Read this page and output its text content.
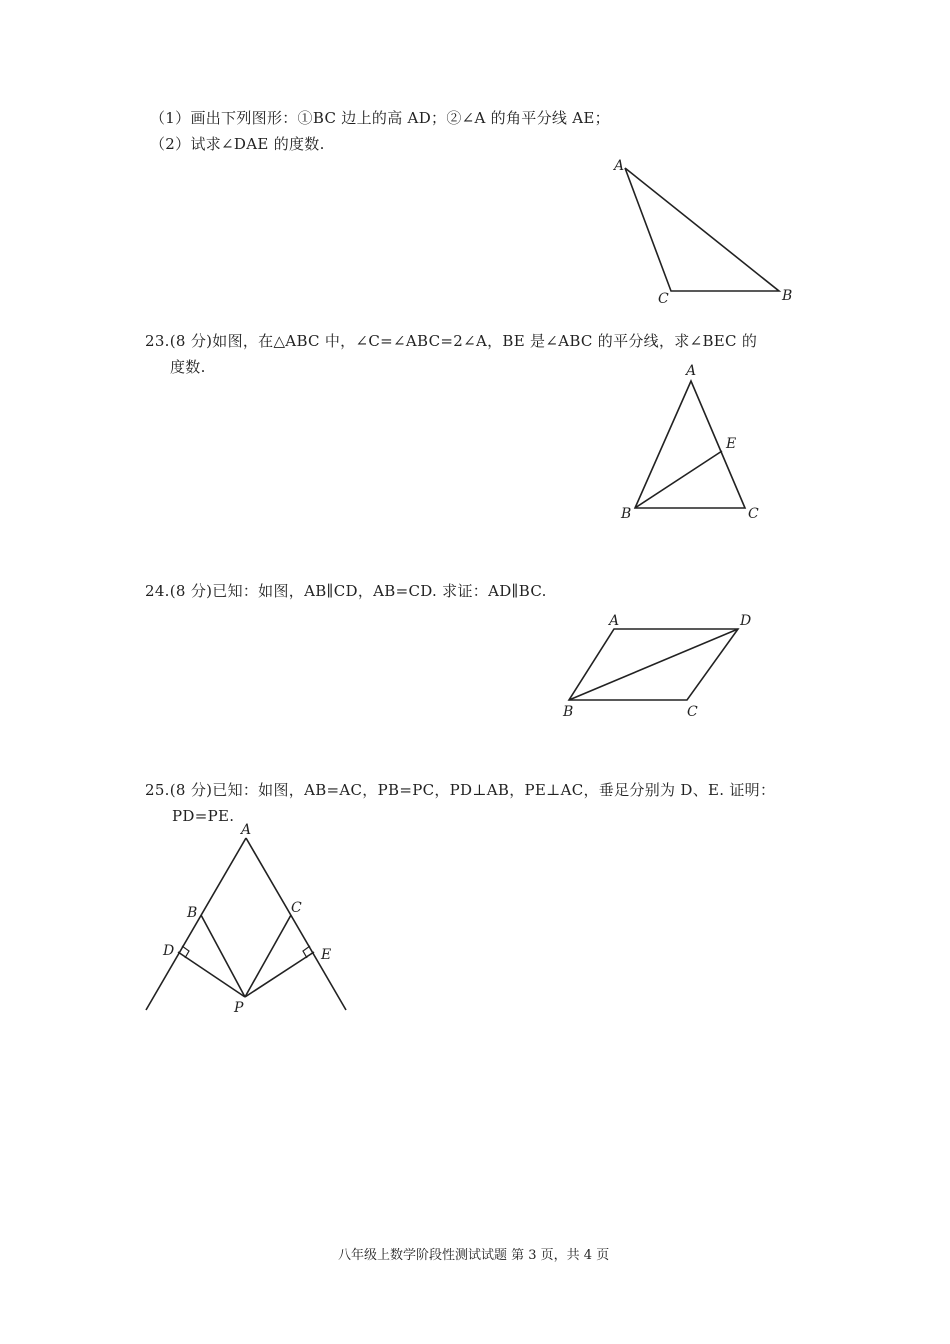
（1）画出下列图形：①BC 边上的高 AD；②∠A 的角平分线 AE；
（2）试求∠DAE 的度数.
A
C	B
23.(8 分)如图，在△ABC 中，∠C=∠ABC=2∠A，BE 是∠ABC 的平分线，求∠BEC 的
度数.	A
E
B	C
24.(8 分)已知：如图，AB∥CD，AB=CD. 求证：AD∥BC.
A	D
B	C
25.(8 分)已知：如图，AB=AC，PB=PC，PD⊥AB，PE⊥AC，垂足分别为 D、E. 证明：
PD=PE.
A
B	C
D	E
P
八年级上数学阶段性测试试题 第 3 页，共 4 页
